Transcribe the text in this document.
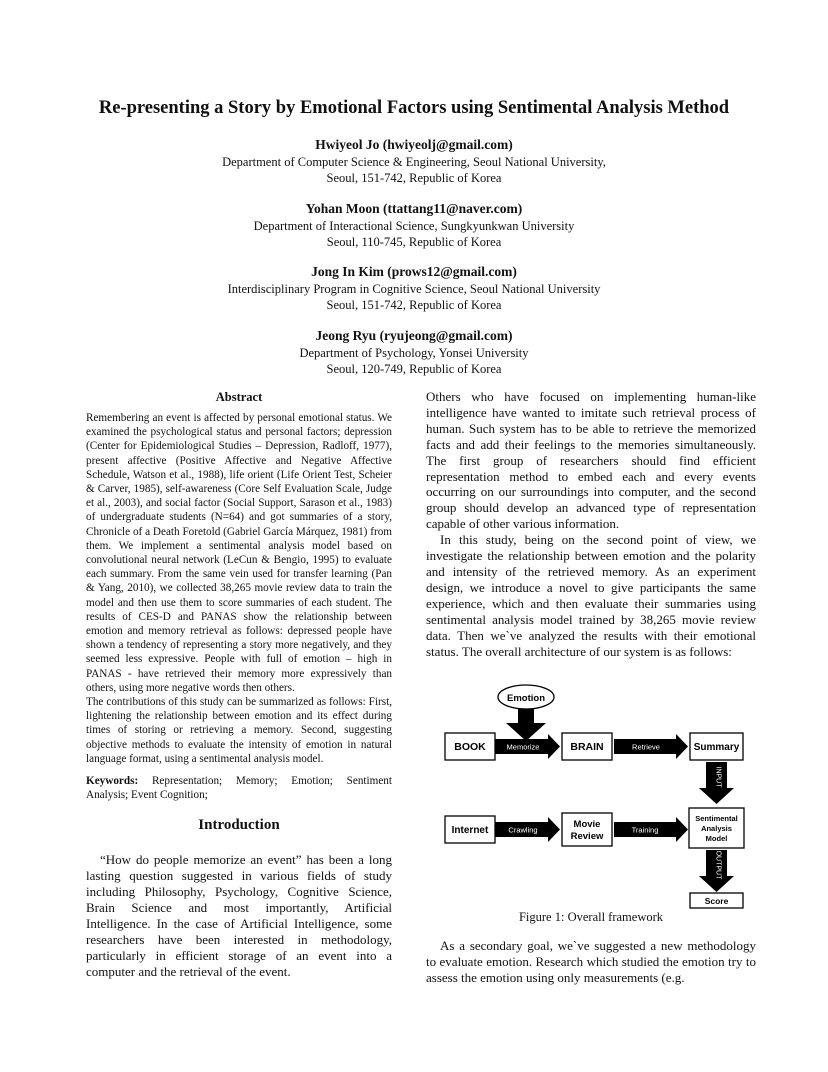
Re-presenting a Story by Emotional Factors using Sentimental Analysis Method
Hwiyeol Jo (hwiyeolj@gmail.com)
Department of Computer Science & Engineering, Seoul National University,
Seoul, 151-742, Republic of Korea
Yohan Moon (ttattang11@naver.com)
Department of Interactional Science, Sungkyunkwan University
Seoul, 110-745, Republic of Korea
Jong In Kim (prows12@gmail.com)
Interdisciplinary Program in Cognitive Science, Seoul National University
Seoul, 151-742, Republic of Korea
Jeong Ryu (ryujeong@gmail.com)
Department of Psychology, Yonsei University
Seoul, 120-749, Republic of Korea
Abstract

Remembering an event is affected by personal emotional status. We examined the psychological status and personal factors; depression (Center for Epidemiological Studies – Depression, Radloff, 1977), present affective (Positive Affective and Negative Affective Schedule, Watson et al., 1988), life orient (Life Orient Test, Scheier & Carver, 1985), self-awareness (Core Self Evaluation Scale, Judge et al., 2003), and social factor (Social Support, Sarason et al., 1983) of undergraduate students (N=64) and got summaries of a story, Chronicle of a Death Foretold (Gabriel García Márquez, 1981) from them. We implement a sentimental analysis model based on convolutional neural network (LeCun & Bengio, 1995) to evaluate each summary. From the same vein used for transfer learning (Pan & Yang, 2010), we collected 38,265 movie review data to train the model and then use them to score summaries of each student. The results of CES-D and PANAS show the relationship between emotion and memory retrieval as follows: depressed people have shown a tendency of representing a story more negatively, and they seemed less expressive. People with full of emotion – high in PANAS - have retrieved their memory more expressively than others, using more negative words then others.

The contributions of this study can be summarized as follows: First, lightening the relationship between emotion and its effect during times of storing or retrieving a memory. Second, suggesting objective methods to evaluate the intensity of emotion in natural language format, using a sentimental analysis model.

Keywords: Representation; Memory; Emotion; Sentiment Analysis; Event Cognition;

Introduction

“How do people memorize an event” has been a long lasting question suggested in various fields of study including Philosophy, Psychology, Cognitive Science, Brain Science and most importantly, Artificial Intelligence. In the case of Artificial Intelligence, some researchers have been interested in methodology, particularly in efficient storage of an event into a computer and the retrieval of the event.

Others who have focused on implementing human-like intelligence have wanted to imitate such retrieval process of human. Such system has to be able to retrieve the memorized facts and add their feelings to the memories simultaneously. The first group of researchers should find efficient representation method to embed each and every events occurring on our surroundings into computer, and the second group should develop an advanced type of representation capable of other various information.

In this study, being on the second point of view, we investigate the relationship between emotion and the polarity and intensity of the retrieved memory. As an experiment design, we introduce a novel to give participants the same experience, which and then evaluate their summaries using sentimental analysis model trained by 38,265 movie review data. Then we`ve analyzed the results with their emotional status. The overall architecture of our system is as follows:

Emotion
BOOK	Memorize	BRAIN	Retrieve	Summary
INPUT
Internet	Crawling	Movie
Review
Training
Sentimental
Analysis
Model
OUTPUT
Score
Figure 1: Overall framework

As a secondary goal, we`ve suggested a new methodology to evaluate emotion. Research which studied the emotion try to assess the emotion using only measurements (e.g.
